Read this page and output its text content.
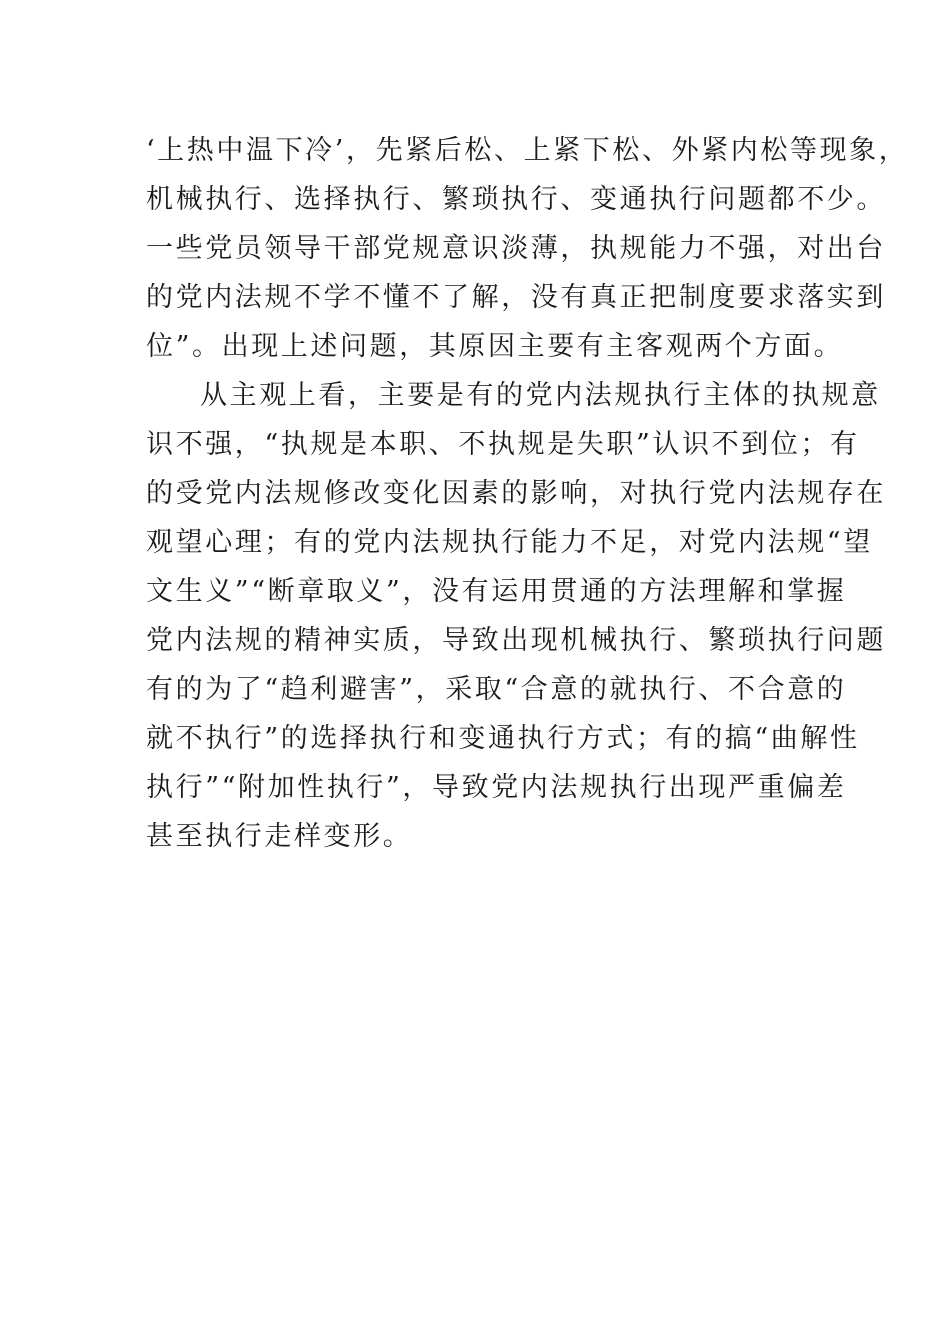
‘上热中温下冷’，先紧后松、上紧下松、外紧内松等现象，
机械执行、选择执行、繁琐执行、变通执行问题都不少。
一些党员领导干部党规意识淡薄，执规能力不强，对出台
的党内法规不学不懂不了解，没有真正把制度要求落实到
位”。出现上述问题，其原因主要有主客观两个方面。
从主观上看，主要是有的党内法规执行主体的执规意
识不强，“执规是本职、不执规是失职”认识不到位；有
的受党内法规修改变化因素的影响，对执行党内法规存在
观望心理；有的党内法规执行能力不足，对党内法规“望
文生义”“断章取义”，没有运用贯通的方法理解和掌握
党内法规的精神实质，导致出现机械执行、繁琐执行问题
有的为了“趋利避害”，采取“合意的就执行、不合意的
就不执行”的选择执行和变通执行方式；有的搞“曲解性
执行”“附加性执行”，导致党内法规执行出现严重偏差
甚至执行走样变形。
